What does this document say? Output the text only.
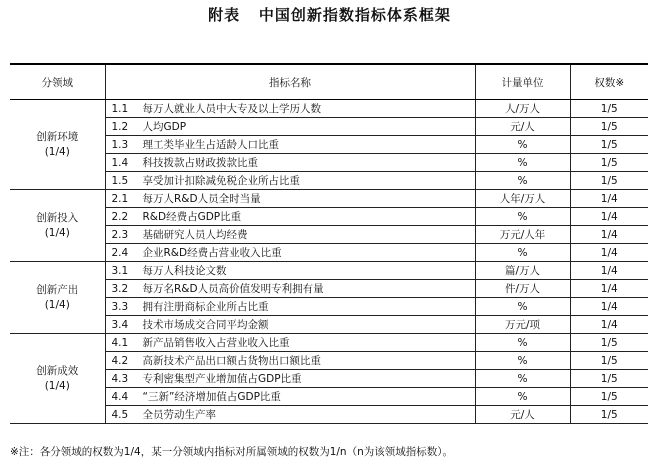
附表   中国创新指数指标体系框架
分领域	指标名称	计量单位	权数※

创新环境
(1/4)	1.1 每万人就业人员中大专及以上学历人数	人/万人	1/5
	1.2 人均GDP	元/人	1/5
	1.3 理工类毕业生占适龄人口比重	%	1/5
	1.4 科技拨款占财政拨款比重	%	1/5
	1.5 享受加计扣除减免税企业所占比重	%	1/5

创新投入
(1/4)	2.1 每万人R&D人员全时当量	人年/万人	1/4
	2.2 R&D经费占GDP比重	%	1/4
	2.3 基础研究人员人均经费	万元/人年	1/4
	2.4 企业R&D经费占营业收入比重	%	1/4

创新产出
(1/4)	3.1 每万人科技论文数	篇/万人	1/4
	3.2 每万名R&D人员高价值发明专利拥有量	件/万人	1/4
	3.3 拥有注册商标企业所占比重	%	1/4
	3.4 技术市场成交合同平均金额	万元/项	1/4

创新成效
(1/4)	4.1 新产品销售收入占营业收入比重	%	1/5
	4.2 高新技术产品出口额占货物出口额比重	%	1/5
	4.3 专利密集型产业增加值占GDP比重	%	1/5
	4.4 “三新”经济增加值占GDP比重	%	1/5
	4.5 全员劳动生产率	元/人	1/5
※注：各分领域的权数为1/4，某一分领域内指标对所属领域的权数为1/n（n为该领域指标数）。
